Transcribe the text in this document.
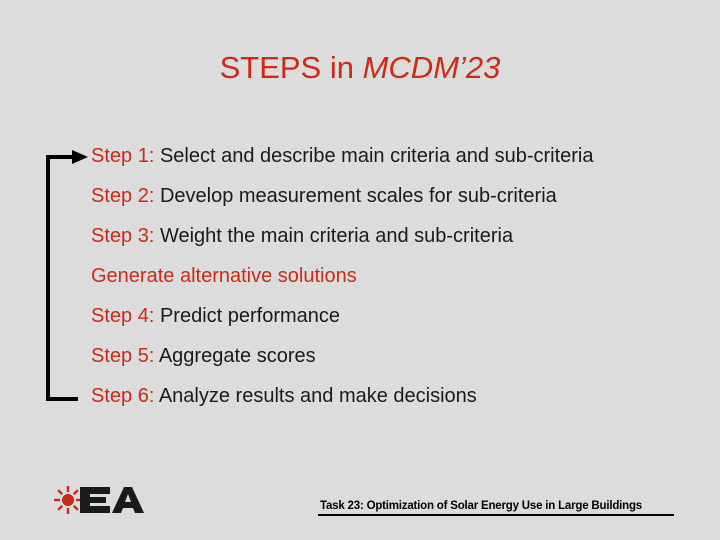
STEPS in MCDM’23
Step 1: Select and describe main criteria and sub-criteria
Step 2: Develop measurement scales for sub-criteria
Step 3: Weight the main criteria and sub-criteria
Generate alternative solutions
Step 4: Predict performance
Step 5: Aggregate scores
Step 6: Analyze results and make decisions
Task 23: Optimization of Solar Energy Use in Large Buildings
